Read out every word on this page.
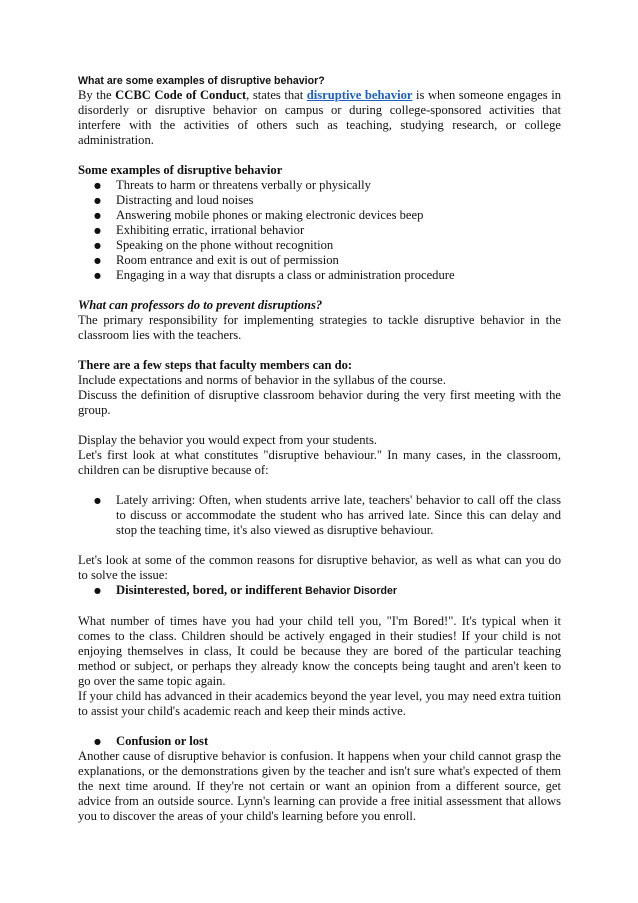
What are some examples of disruptive behavior?

By the CCBC Code of Conduct, states that disruptive behavior is when someone engages in disorderly or disruptive behavior on campus or during college-sponsored activities that interfere with the activities of others such as teaching, studying research, or college administration.

Some examples of disruptive behavior

● Threats to harm or threatens verbally or physically
● Distracting and loud noises
● Answering mobile phones or making electronic devices beep
● Exhibiting erratic, irrational behavior
● Speaking on the phone without recognition
● Room entrance and exit is out of permission
● Engaging in a way that disrupts a class or administration procedure

What can professors do to prevent disruptions?

The primary responsibility for implementing strategies to tackle disruptive behavior in the classroom lies with the teachers.

There are a few steps that faculty members can do:

Include expectations and norms of behavior in the syllabus of the course.

Discuss the definition of disruptive classroom behavior during the very first meeting with the group.

Display the behavior you would expect from your students.

Let's first look at what constitutes "disruptive behaviour." In many cases, in the classroom, children can be disruptive because of:

● Lately arriving: Often, when students arrive late, teachers' behavior to call off the class to discuss or accommodate the student who has arrived late. Since this can delay and stop the teaching time, it's also viewed as disruptive behaviour.

Let's look at some of the common reasons for disruptive behavior, as well as what can you do to solve the issue:

● Disinterested, bored, or indifferent Behavior Disorder

What number of times have you had your child tell you, "I'm Bored!". It's typical when it comes to the class. Children should be actively engaged in their studies! If your child is not enjoying themselves in class, It could be because they are bored of the particular teaching method or subject, or perhaps they already know the concepts being taught and aren't keen to go over the same topic again.

If your child has advanced in their academics beyond the year level, you may need extra tuition to assist your child's academic reach and keep their minds active.

● Confusion or lost

Another cause of disruptive behavior is confusion. It happens when your child cannot grasp the explanations, or the demonstrations given by the teacher and isn't sure what's expected of them the next time around. If they're not certain or want an opinion from a different source, get advice from an outside source. Lynn's learning can provide a free initial assessment that allows you to discover the areas of your child's learning before you enroll.
